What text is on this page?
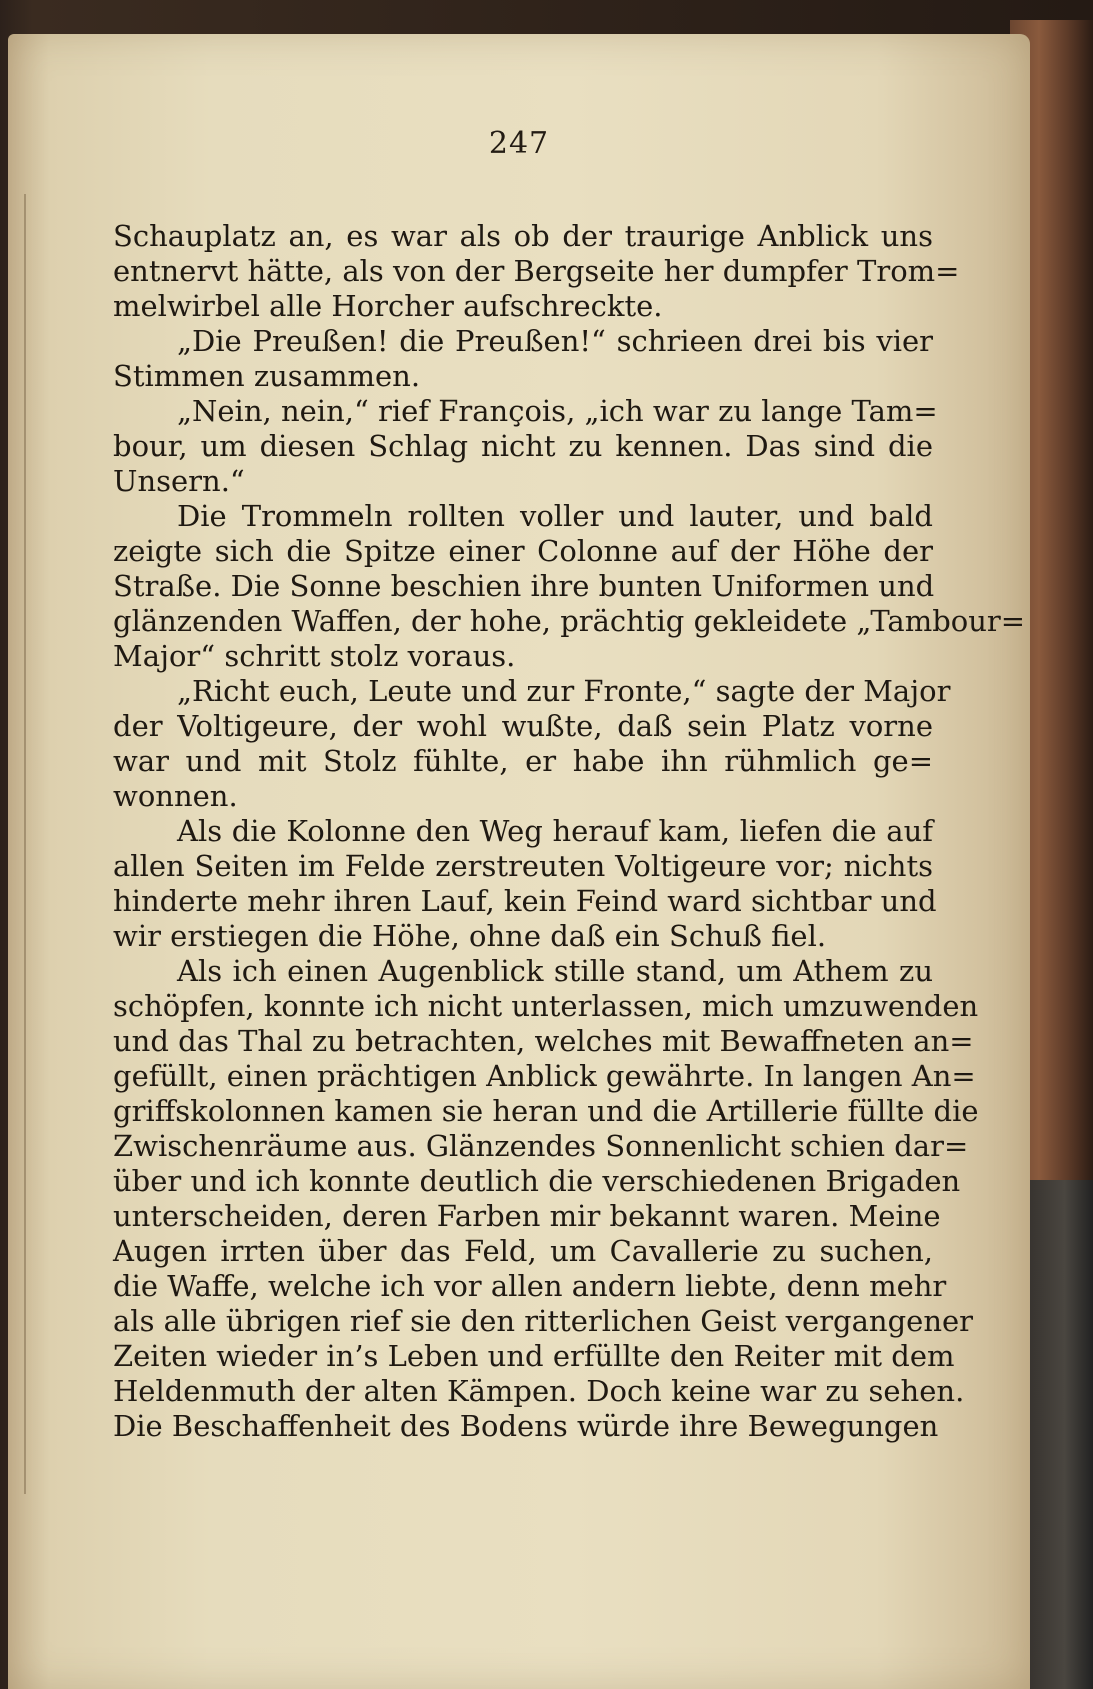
247
Schauplatz an, es war als ob der traurige Anblick uns
entnervt hätte, als von der Bergseite her dumpfer Trom=
melwirbel alle Horcher aufschreckte.
„Die Preußen! die Preußen!“ schrieen drei bis vier
Stimmen zusammen.
„Nein, nein,“ rief François, „ich war zu lange Tam=
bour, um diesen Schlag nicht zu kennen. Das sind die
Unsern.“
Die Trommeln rollten voller und lauter, und bald
zeigte sich die Spitze einer Colonne auf der Höhe der
Straße. Die Sonne beschien ihre bunten Uniformen und
glänzenden Waffen, der hohe, prächtig gekleidete „Tambour=
Major“ schritt stolz voraus.
„Richt euch, Leute und zur Fronte,“ sagte der Major
der Voltigeure, der wohl wußte, daß sein Platz vorne
war und mit Stolz fühlte, er habe ihn rühmlich ge=
wonnen.
Als die Kolonne den Weg herauf kam, liefen die auf
allen Seiten im Felde zerstreuten Voltigeure vor; nichts
hinderte mehr ihren Lauf, kein Feind ward sichtbar und
wir erstiegen die Höhe, ohne daß ein Schuß fiel.
Als ich einen Augenblick stille stand, um Athem zu
schöpfen, konnte ich nicht unterlassen, mich umzuwenden
und das Thal zu betrachten, welches mit Bewaffneten an=
gefüllt, einen prächtigen Anblick gewährte. In langen An=
griffskolonnen kamen sie heran und die Artillerie füllte die
Zwischenräume aus. Glänzendes Sonnenlicht schien dar=
über und ich konnte deutlich die verschiedenen Brigaden
unterscheiden, deren Farben mir bekannt waren. Meine
Augen irrten über das Feld, um Cavallerie zu suchen,
die Waffe, welche ich vor allen andern liebte, denn mehr
als alle übrigen rief sie den ritterlichen Geist vergangener
Zeiten wieder in’s Leben und erfüllte den Reiter mit dem
Heldenmuth der alten Kämpen. Doch keine war zu sehen.
Die Beschaffenheit des Bodens würde ihre Bewegungen
